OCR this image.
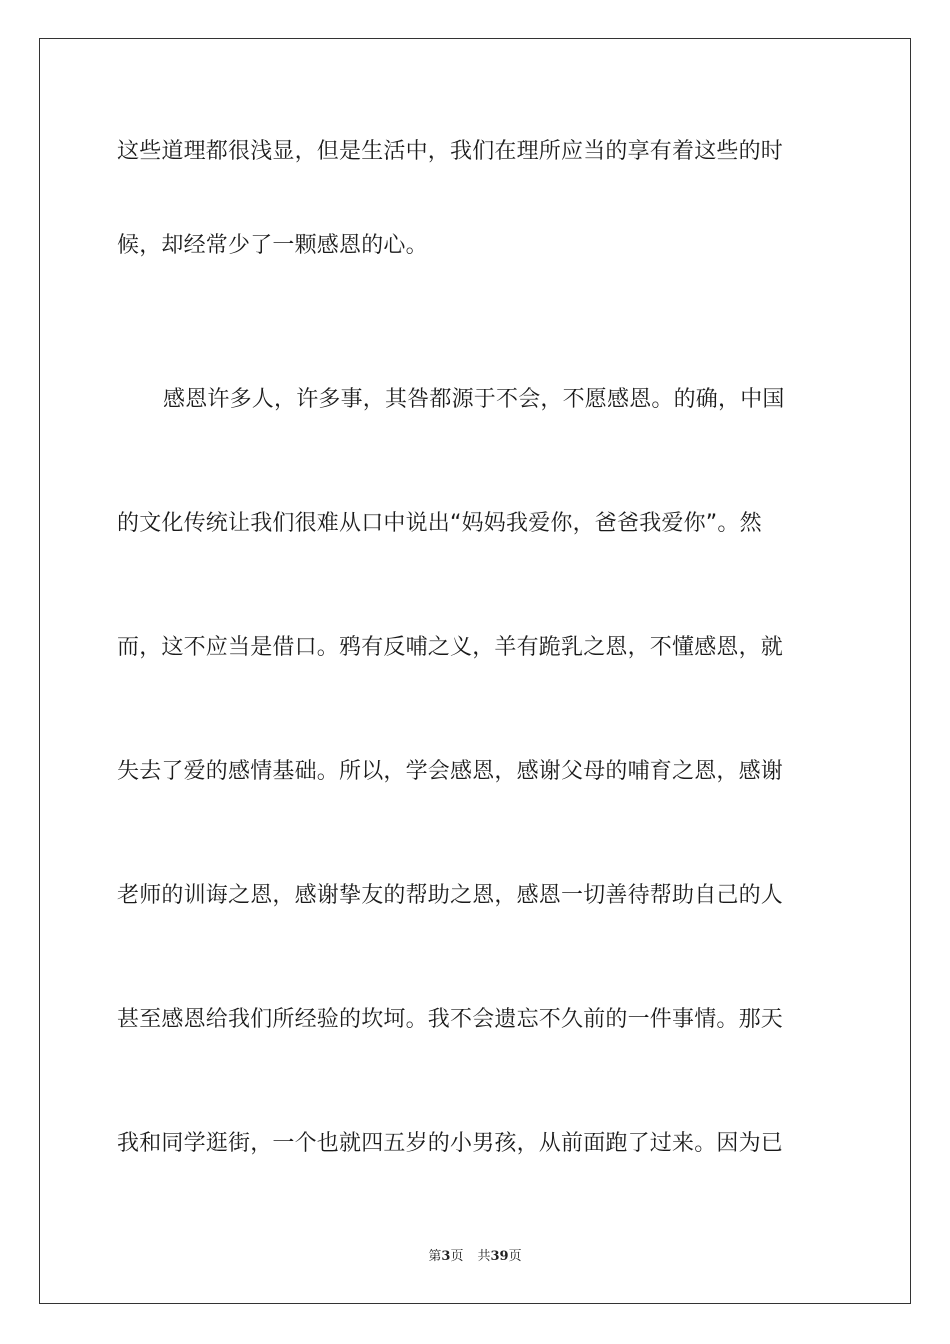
这些道理都很浅显，但是生活中，我们在理所应当的享有着这些的时
候，却经常少了一颗感恩的心。
感恩许多人，许多事，其咎都源于不会，不愿感恩。的确，中国
的文化传统让我们很难从口中说出“妈妈我爱你，爸爸我爱你”。然
而，这不应当是借口。鸦有反哺之义，羊有跪乳之恩，不懂感恩，就
失去了爱的感情基础。所以，学会感恩，感谢父母的哺育之恩，感谢
老师的训诲之恩，感谢挚友的帮助之恩，感恩一切善待帮助自己的人
甚至感恩给我们所经验的坎坷。我不会遗忘不久前的一件事情。那天
我和同学逛街，一个也就四五岁的小男孩，从前面跑了过来。因为已
第3页 共39页
